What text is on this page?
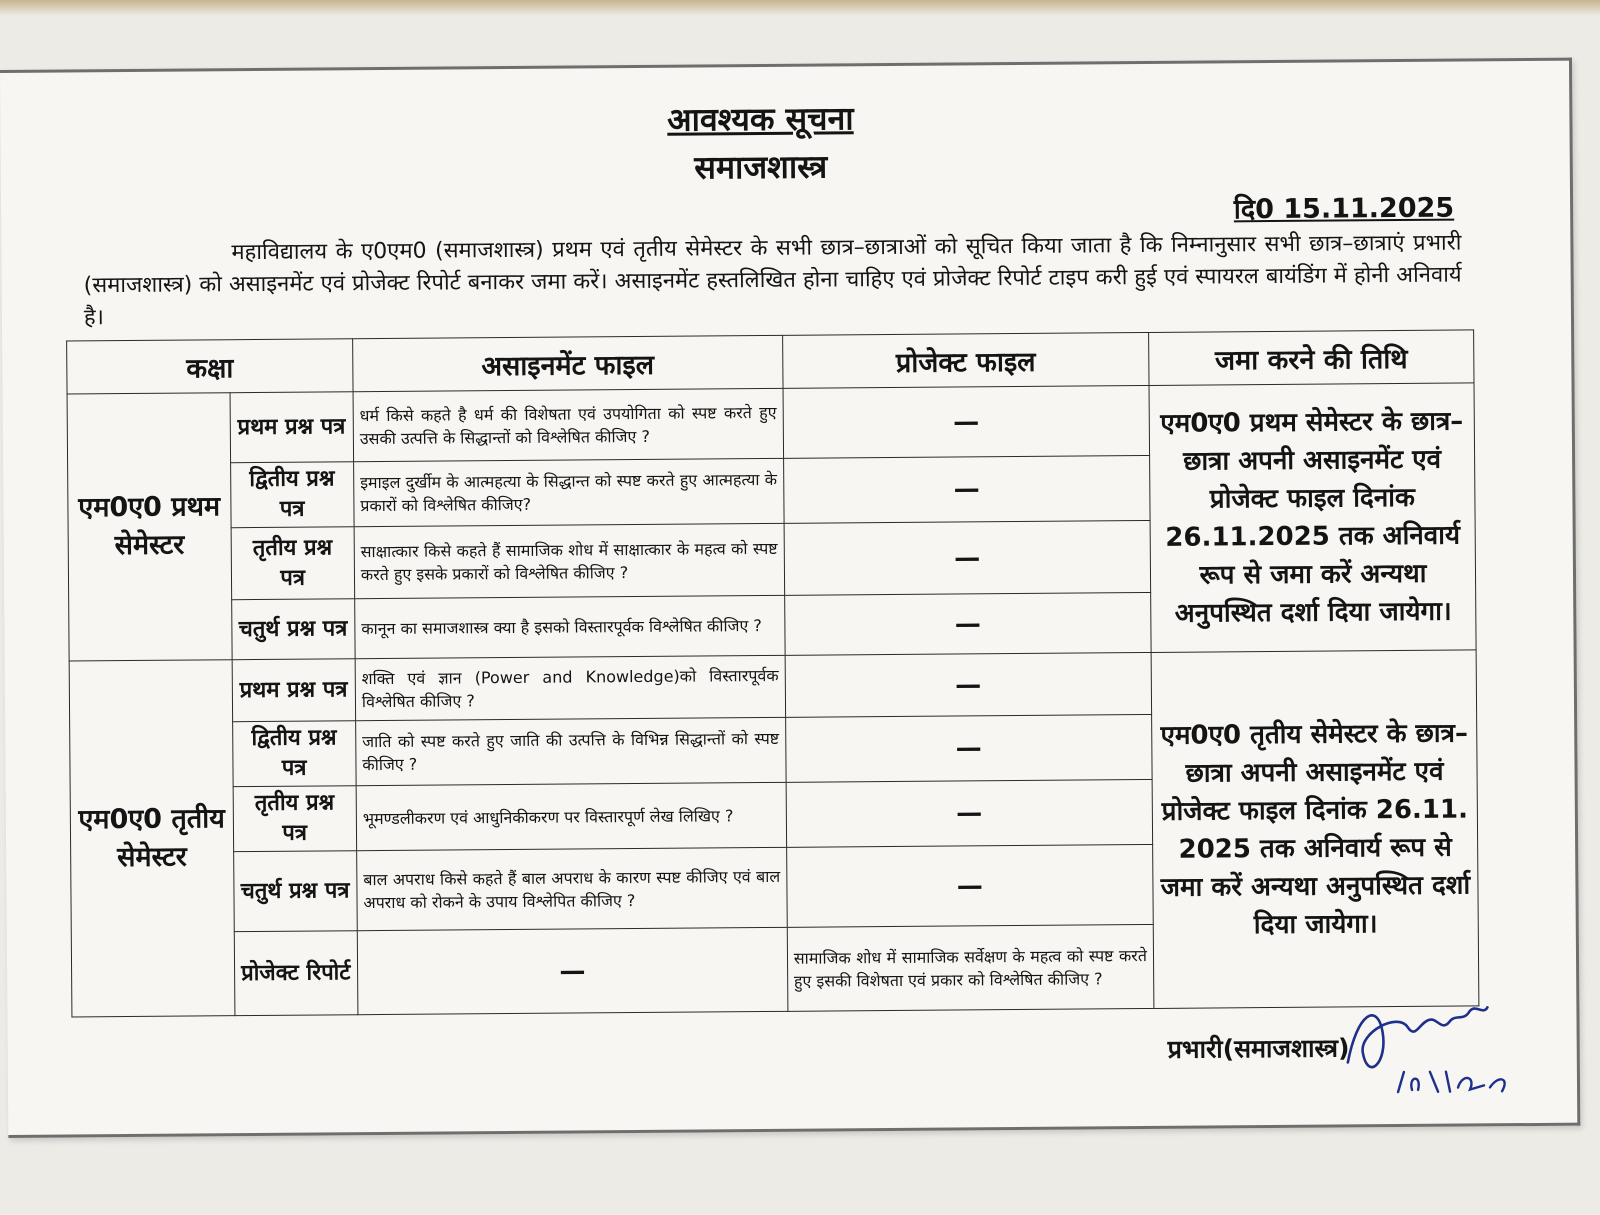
आवश्यक सूचना
समाजशास्त्र
दि0 15.11.2025
महाविद्यालय के ए0एम0 (समाजशास्त्र) प्रथम एवं तृतीय सेमेस्टर के सभी छात्र–छात्राओं को सूचित किया जाता है कि निम्नानुसार सभी छात्र–छात्राएं प्रभारी (समाजशास्त्र) को असाइनमेंट एवं प्रोजेक्ट रिपोर्ट बनाकर जमा करें। असाइनमेंट हस्तलिखित होना चाहिए एवं प्रोजेक्ट रिपोर्ट टाइप करी हुई एवं स्पायरल बायंडिंग में होनी अनिवार्य है।
कक्षा		असाइनमेंट फाइल	प्रोजेक्ट फाइल	जमा करने की तिथि
एम0ए0 प्रथम सेमेस्टर	प्रथम प्रश्न पत्र	धर्म किसे कहते है धर्म की विशेषता एवं उपयोगिता को स्पष्ट करते हुए उसकी उत्पत्ति के सिद्धान्तों को विश्लेषित कीजिए ?	—	एम0ए0 प्रथम सेमेस्टर के छात्र–छात्रा अपनी असाइनमेंट एवं प्रोजेक्ट फाइल दिनांक 26.11.2025 तक अनिवार्य रूप से जमा करें अन्यथा अनुपस्थित दर्शा दिया जायेगा।
	द्वितीय प्रश्न पत्र	इमाइल दुर्खीम के आत्महत्या के सिद्धान्त को स्पष्ट करते हुए आत्महत्या के प्रकारों को विश्लेषित कीजिए?	—	
	तृतीय प्रश्न पत्र	साक्षात्कार किसे कहते हैं सामाजिक शोध में साक्षात्कार के महत्व को स्पष्ट करते हुए इसके प्रकारों को विश्लेषित कीजिए ?	—	
	चतुर्थ प्रश्न पत्र	कानून का समाजशास्त्र क्या है इसको विस्तारपूर्वक विश्लेषित कीजिए ?	—	
एम0ए0 तृतीय सेमेस्टर	प्रथम प्रश्न पत्र	शक्ति एवं ज्ञान (Power and Knowledge)को विस्तारपूर्वक विश्लेषित कीजिए ?	—	एम0ए0 तृतीय सेमेस्टर के छात्र–छात्रा अपनी असाइनमेंट एवं प्रोजेक्ट फाइल दिनांक 26.11. 2025 तक अनिवार्य रूप से जमा करें अन्यथा अनुपस्थित दर्शा दिया जायेगा।
	द्वितीय प्रश्न पत्र	जाति को स्पष्ट करते हुए जाति की उत्पत्ति के विभिन्न सिद्धान्तों को स्पष्ट कीजिए ?	—	
	तृतीय प्रश्न पत्र	भूमण्डलीकरण एवं आधुनिकीकरण पर विस्तारपूर्ण लेख लिखिए ?	—	
	चतुर्थ प्रश्न पत्र	बाल अपराध किसे कहते हैं बाल अपराध के कारण स्पष्ट कीजिए एवं बाल अपराध को रोकने के उपाय विश्लेपित कीजिए ?	—	
	प्रोजेक्ट रिपोर्ट	—	सामाजिक शोध में सामाजिक सर्वेक्षण के महत्व को स्पष्ट करते हुए इसकी विशेषता एवं प्रकार को विश्लेषित कीजिए ?	
प्रभारी(समाजशास्त्र)
